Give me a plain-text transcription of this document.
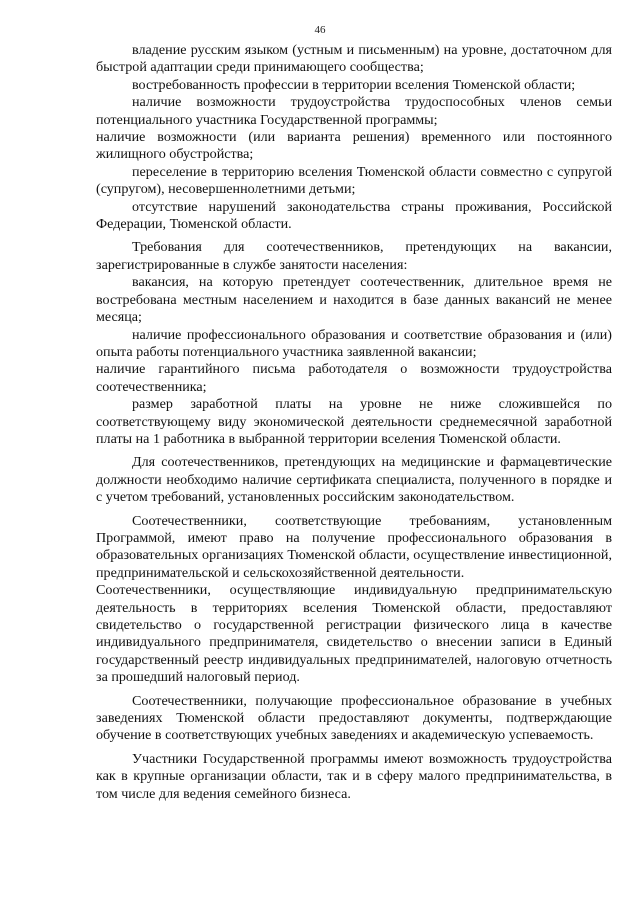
46

владение русским языком (устным и письменным) на уровне, достаточном для быстрой адаптации среди принимающего сообщества;

востребованность профессии в территории вселения Тюменской области;

наличие возможности трудоустройства трудоспособных членов семьи потенциального участника Государственной программы;

наличие возможности (или варианта решения) временного или постоянного жилищного обустройства;

переселение в территорию вселения Тюменской области совместно с супругой (супругом), несовершеннолетними детьми;

отсутствие нарушений законодательства страны проживания, Российской Федерации, Тюменской области.

Требования для соотечественников, претендующих на вакансии, зарегистрированные в службе занятости населения:

вакансия, на которую претендует соотечественник, длительное время не востребована местным населением и находится в базе данных вакансий не менее месяца;

наличие профессионального образования и соответствие образования и (или) опыта работы потенциального участника заявленной вакансии;

наличие гарантийного письма работодателя о возможности трудоустройства соотечественника;

размер заработной платы на уровне не ниже сложившейся по соответствующему виду экономической деятельности среднемесячной заработной платы на 1 работника в выбранной территории вселения Тюменской области.

Для соотечественников, претендующих на медицинские и фармацевтические должности необходимо наличие сертификата специалиста, полученного в порядке и с учетом требований, установленных российским законодательством.

Соотечественники, соответствующие требованиям, установленным Программой, имеют право на получение профессионального образования в образовательных организациях Тюменской области, осуществление инвестиционной, предпринимательской и сельскохозяйственной деятельности.

Соотечественники, осуществляющие индивидуальную предпринимательскую деятельность в территориях вселения Тюменской области, предоставляют свидетельство о государственной регистрации физического лица в качестве индивидуального предпринимателя, свидетельство о внесении записи в Единый государственный реестр индивидуальных предпринимателей, налоговую отчетность за прошедший налоговый период.

Соотечественники, получающие профессиональное образование в учебных заведениях Тюменской области предоставляют документы, подтверждающие обучение в соответствующих учебных заведениях и академическую успеваемость.

Участники Государственной программы имеют возможность трудоустройства как в крупные организации области, так и в сферу малого предпринимательства, в том числе для ведения семейного бизнеса.
